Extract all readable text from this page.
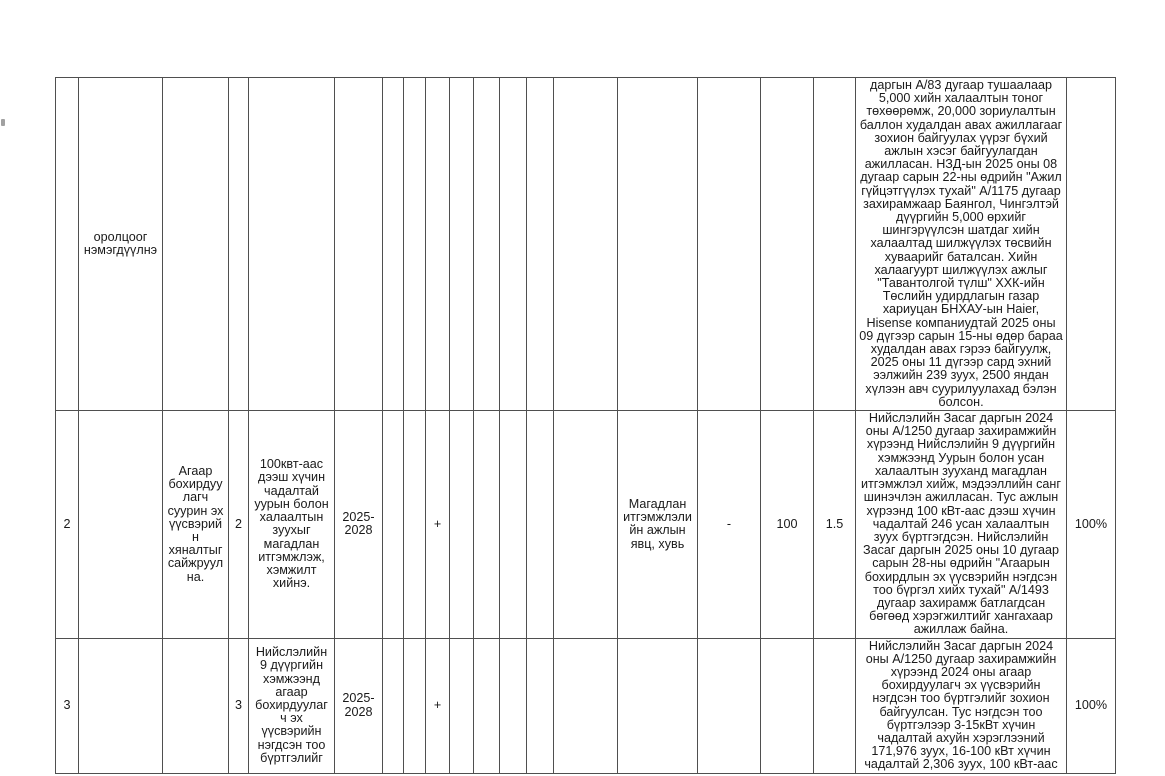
	оролцоог нэмэгдүүлнэ																	даргын А/83 дугаар тушаалаар 5,000 хийн халаалтын тоног төхөөрөмж, 20,000 зориулалтын баллон худалдан авах ажиллагааг зохион байгуулах үүрэг бүхий ажлын хэсэг байгуулагдан ажилласан. НЗД-ын 2025 оны 08 дугаар сарын 22-ны өдрийн "Ажил гүйцэтгүүлэх тухай" А/1175 дугаар захирамжаар Баянгол, Чингэлтэй дүүргийн 5,000 өрхийг шингэрүүлсэн шатдаг хийн халаалтад шилжүүлэх төсвийн хуваарийг баталсан. Хийн халаагуурт шилжүүлэх ажлыг "Тавантолгой түлш" ХХК-ийн Төслийн удирдлагын газар хариуцан БНХАУ-ын Haier, Hisense компаниудтай 2025 оны 09 дүгээр сарын 15-ны өдөр бараа худалдан авах гэрээ байгуулж, 2025 оны 11 дүгээр сард эхний ээлжийн 239 зуух, 2500 яндан хүлээн авч суурилуулахад бэлэн болсон.	
2		Агаар бохирдуулагч суурин эх үүсвэрийн хяналтыг сайжруулна.	2	100квт-аас дээш хүчин чадалтай уурын болон халаалтын зуухыг магадлан итгэмжлэж, хэмжилт хийнэ.	2025-2028			+						Магадлан итгэмжлэлийн ажлын явц, хувь	-	100	1.5	Нийслэлийн Засаг даргын 2024 оны А/1250 дугаар захирамжийн хүрээнд Нийслэлийн 9 дүүргийн хэмжээнд Уурын болон усан халаалтын зууханд магадлан итгэмжлэл хийж, мэдээллийн санг шинэчлэн ажилласан. Тус ажлын хүрээнд 100 кВт-аас дээш хүчин чадалтай 246 усан халаалтын зуух бүртгэгдсэн. Нийслэлийн Засаг даргын 2025 оны 10 дугаар сарын 28-ны өдрийн "Агаарын бохирдлын эх үүсвэрийн нэгдсэн тоо бүргэл хийх тухай" А/1493 дугаар захирамж батлагдсан бөгөөд хэрэгжилтийг хангахаар ажиллаж байна.	100%
3			3	Нийслэлийн 9 дүүргийн хэмжээнд агаар бохирдуулагч эх үүсвэрийн нэгдсэн тоо бүртгэлийг	2025-2028			+										Нийслэлийн Засаг даргын 2024 оны А/1250 дугаар захирамжийн хүрээнд 2024 оны агаар бохирдуулагч эх үүсвэрийн нэгдсэн тоо бүртгэлийг зохион байгуулсан. Тус нэгдсэн тоо бүртгэлээр 3-15кВт хүчин чадалтай ахуйн хэрэглээний 171,976 зуух, 16-100 кВт хүчин чадалтай 2,306 зуух, 100 кВт-аас	100%
